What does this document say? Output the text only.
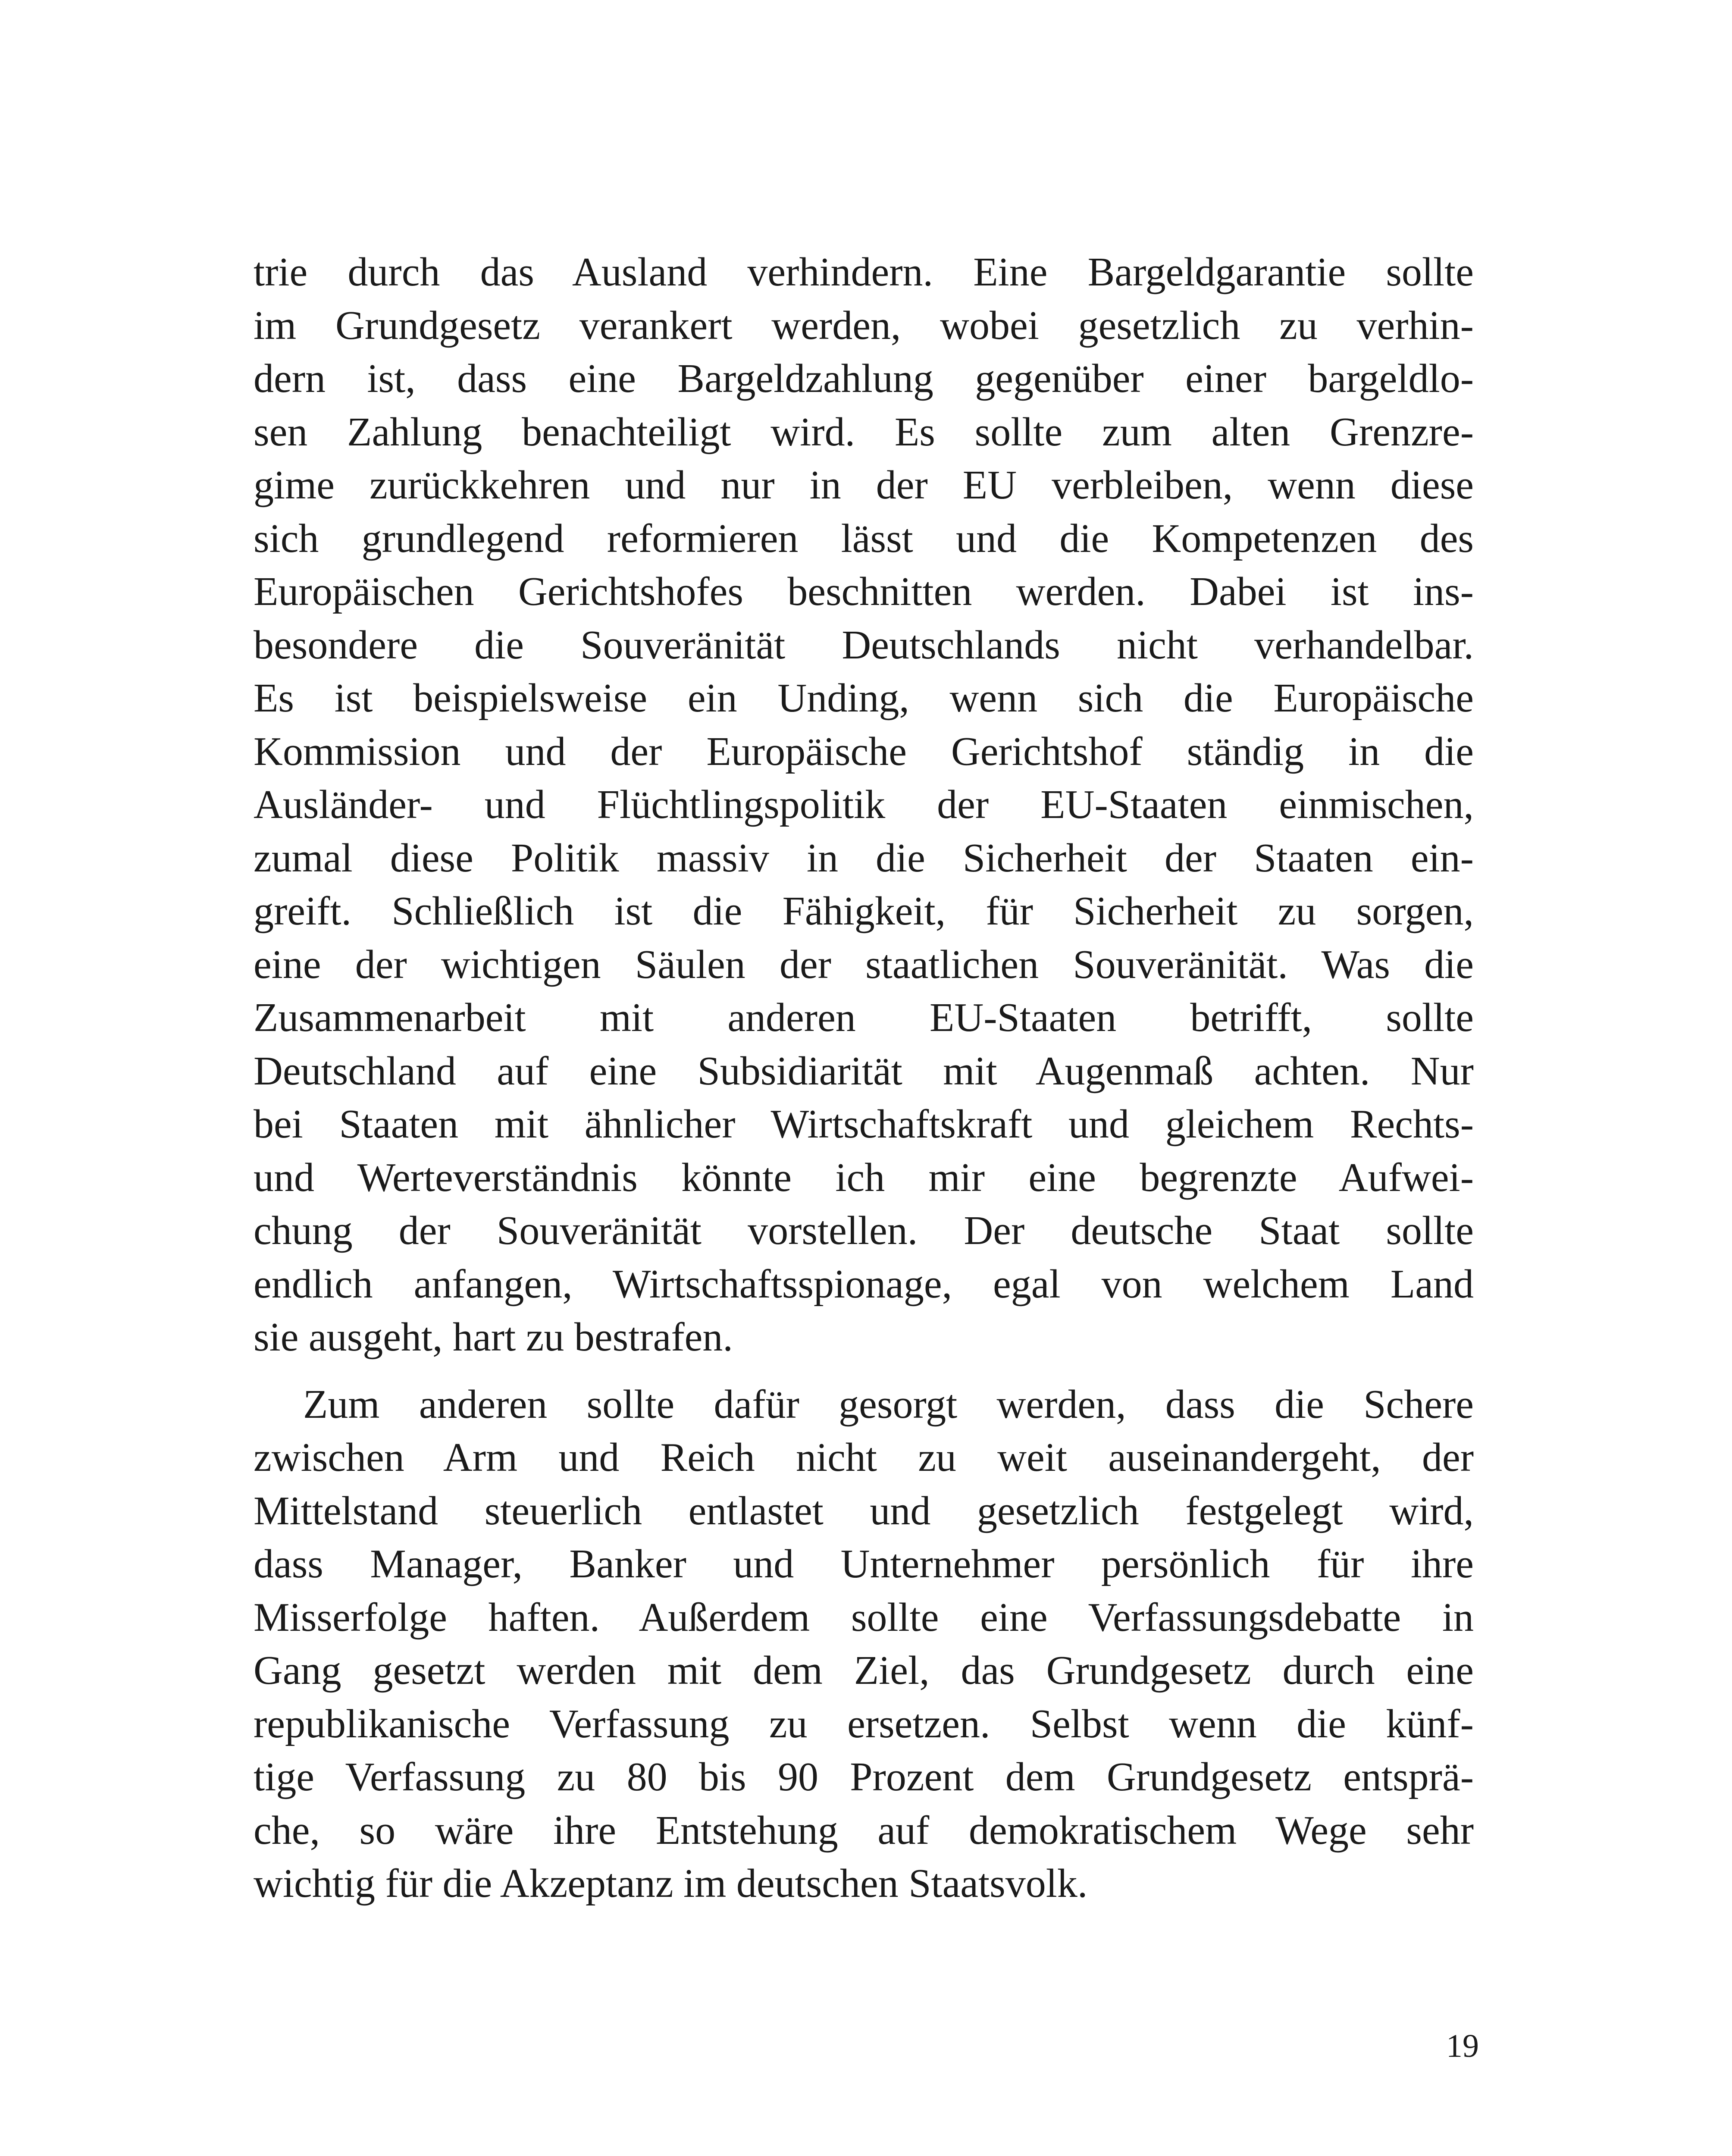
trie durch das Ausland verhindern. Eine Bargeldgarantie sollte
im Grundgesetz verankert werden, wobei gesetzlich zu verhin-
dern ist, dass eine Bargeldzahlung gegenüber einer bargeldlo-
sen Zahlung benachteiligt wird. Es sollte zum alten Grenzre-
gime zurückkehren und nur in der EU verbleiben, wenn diese
sich grundlegend reformieren lässt und die Kompetenzen des
Europäischen Gerichtshofes beschnitten werden. Dabei ist ins-
besondere die Souveränität Deutschlands nicht verhandelbar.
Es ist beispielsweise ein Unding, wenn sich die Europäische
Kommission und der Europäische Gerichtshof ständig in die
Ausländer- und Flüchtlingspolitik der EU-Staaten einmischen,
zumal diese Politik massiv in die Sicherheit der Staaten ein-
greift. Schließlich ist die Fähigkeit, für Sicherheit zu sorgen,
eine der wichtigen Säulen der staatlichen Souveränität. Was die
Zusammenarbeit mit anderen EU-Staaten betrifft, sollte
Deutschland auf eine Subsidiarität mit Augenmaß achten. Nur
bei Staaten mit ähnlicher Wirtschaftskraft und gleichem Rechts-
und Werteverständnis könnte ich mir eine begrenzte Aufwei-
chung der Souveränität vorstellen. Der deutsche Staat sollte
endlich anfangen, Wirtschaftsspionage, egal von welchem Land
sie ausgeht, hart zu bestrafen.
Zum anderen sollte dafür gesorgt werden, dass die Schere
zwischen Arm und Reich nicht zu weit auseinandergeht, der
Mittelstand steuerlich entlastet und gesetzlich festgelegt wird,
dass Manager, Banker und Unternehmer persönlich für ihre
Misserfolge haften. Außerdem sollte eine Verfassungsdebatte in
Gang gesetzt werden mit dem Ziel, das Grundgesetz durch eine
republikanische Verfassung zu ersetzen. Selbst wenn die künf-
tige Verfassung zu 80 bis 90 Prozent dem Grundgesetz entsprä-
che, so wäre ihre Entstehung auf demokratischem Wege sehr
wichtig für die Akzeptanz im deutschen Staatsvolk.
19
